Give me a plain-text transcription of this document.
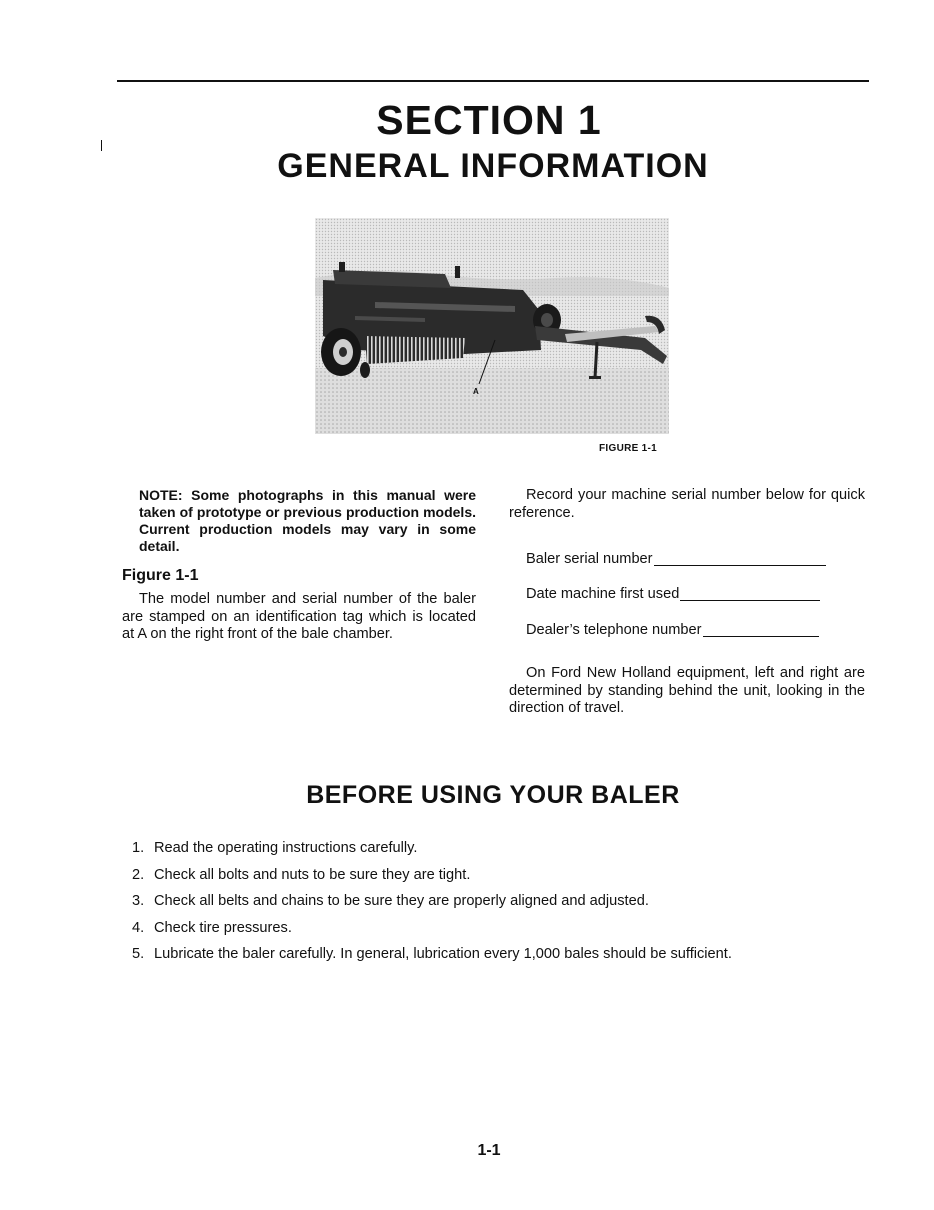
SECTION 1
GENERAL INFORMATION
A
FIGURE 1-1

NOTE: Some photographs in this manual were taken of prototype or previous production models. Current production models may vary in some detail.

Figure 1-1

The model number and serial number of the baler are stamped on an identification tag which is located at A on the right front of the bale chamber.

Record your machine serial number below for quick reference.

Baler serial number
Date machine first used
Dealer’s telephone number

On Ford New Holland equipment, left and right are determined by standing behind the unit, looking in the direction of travel.

BEFORE USING YOUR BALER
1. Read the operating instructions carefully.
2. Check all bolts and nuts to be sure they are tight.
3. Check all belts and chains to be sure they are properly aligned and adjusted.
4. Check tire pressures.
5. Lubricate the baler carefully. In general, lubrication every 1,000 bales should be sufficient.
1-1
